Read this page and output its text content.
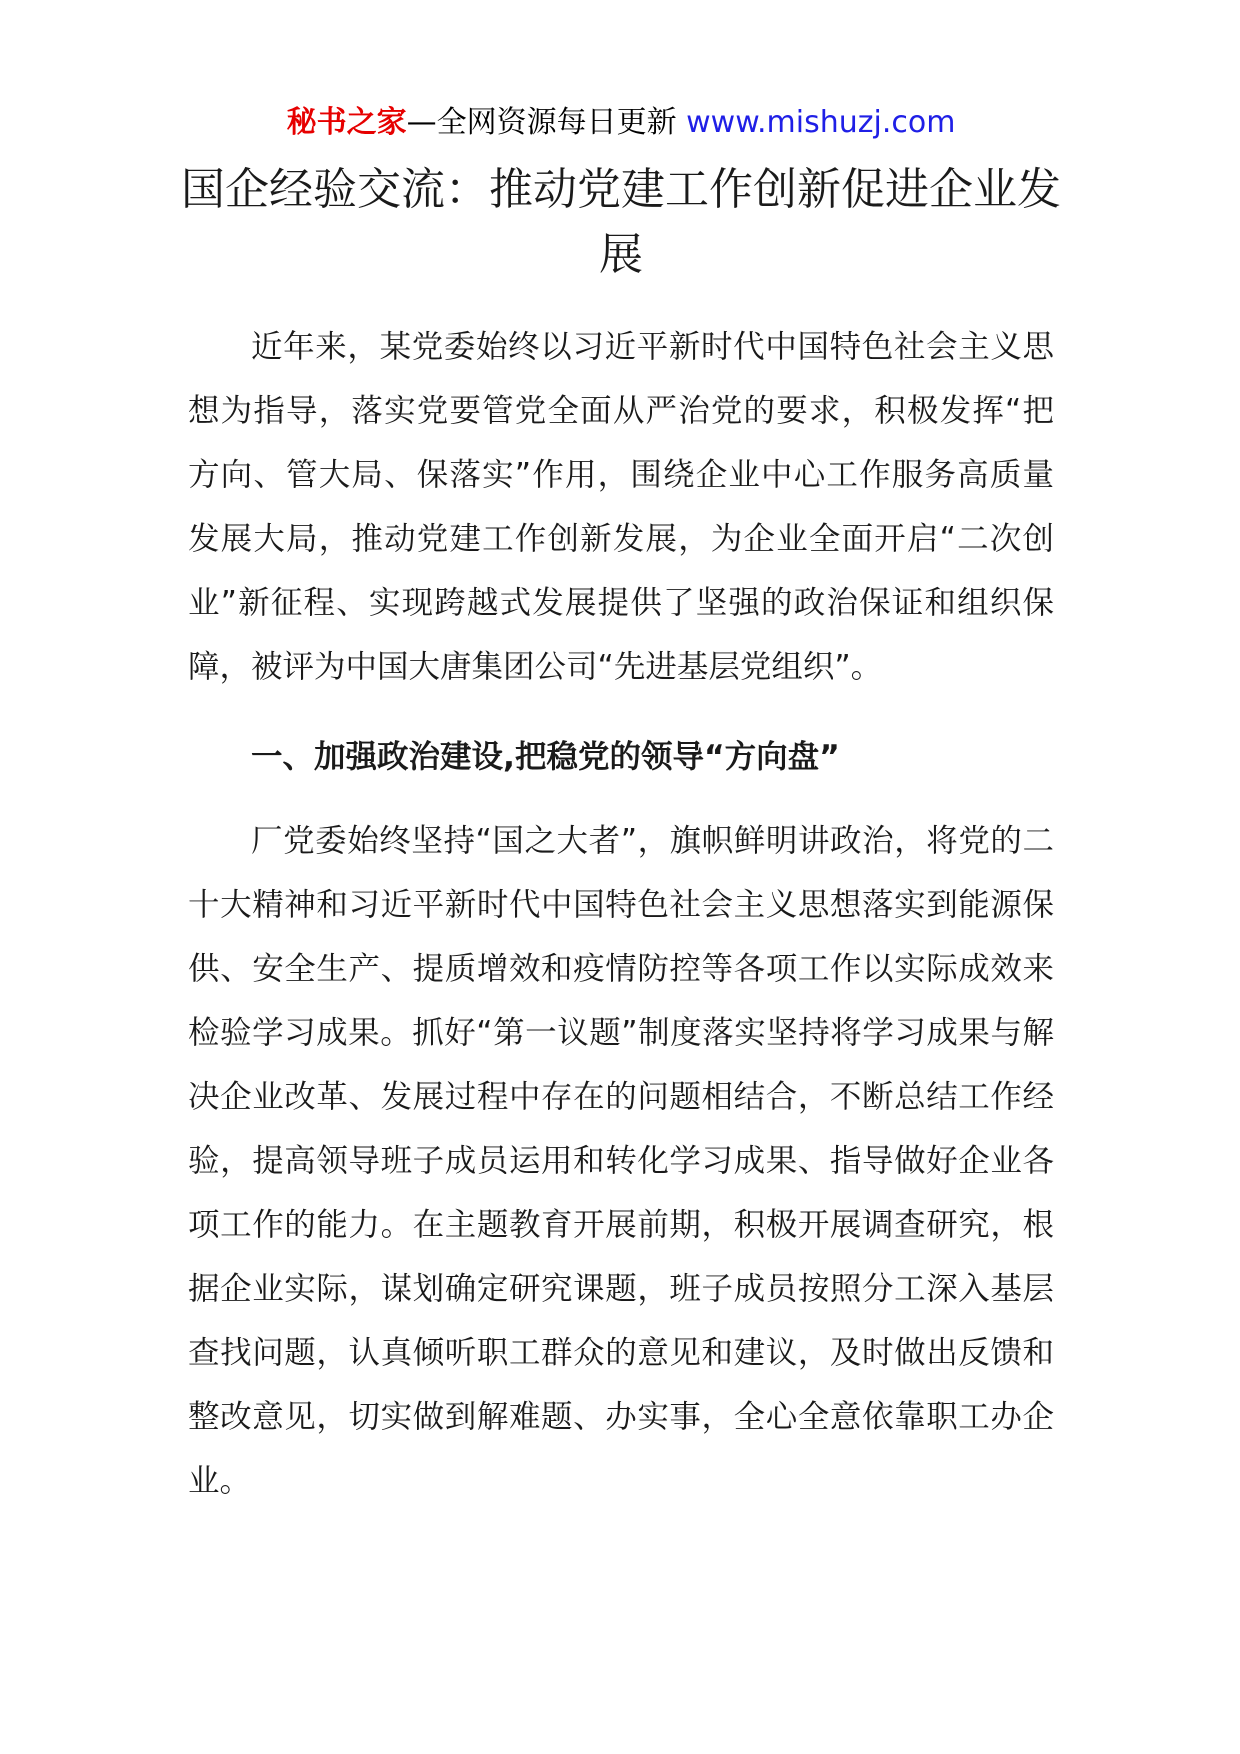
秘书之家—全网资源每日更新 www.mishuzj.com
国企经验交流：推动党建工作创新促进企业发展

近年来，某党委始终以习近平新时代中国特色社会主义思想为指导，落实党要管党全面从严治党的要求，积极发挥“把方向、管大局、保落实”作用，围绕企业中心工作服务高质量发展大局，推动党建工作创新发展，为企业全面开启“二次创业”新征程、实现跨越式发展提供了坚强的政治保证和组织保障，被评为中国大唐集团公司“先进基层党组织”。

一、加强政治建设,把稳党的领导“方向盘”

厂党委始终坚持“国之大者”，旗帜鲜明讲政治，将党的二十大精神和习近平新时代中国特色社会主义思想落实到能源保供、安全生产、提质增效和疫情防控等各项工作以实际成效来检验学习成果。抓好“第一议题”制度落实坚持将学习成果与解决企业改革、发展过程中存在的问题相结合，不断总结工作经验，提高领导班子成员运用和转化学习成果、指导做好企业各项工作的能力。在主题教育开展前期，积极开展调查研究，根据企业实际，谋划确定研究课题，班子成员按照分工深入基层查找问题，认真倾听职工群众的意见和建议，及时做出反馈和整改意见，切实做到解难题、办实事，全心全意依靠职工办企业。
